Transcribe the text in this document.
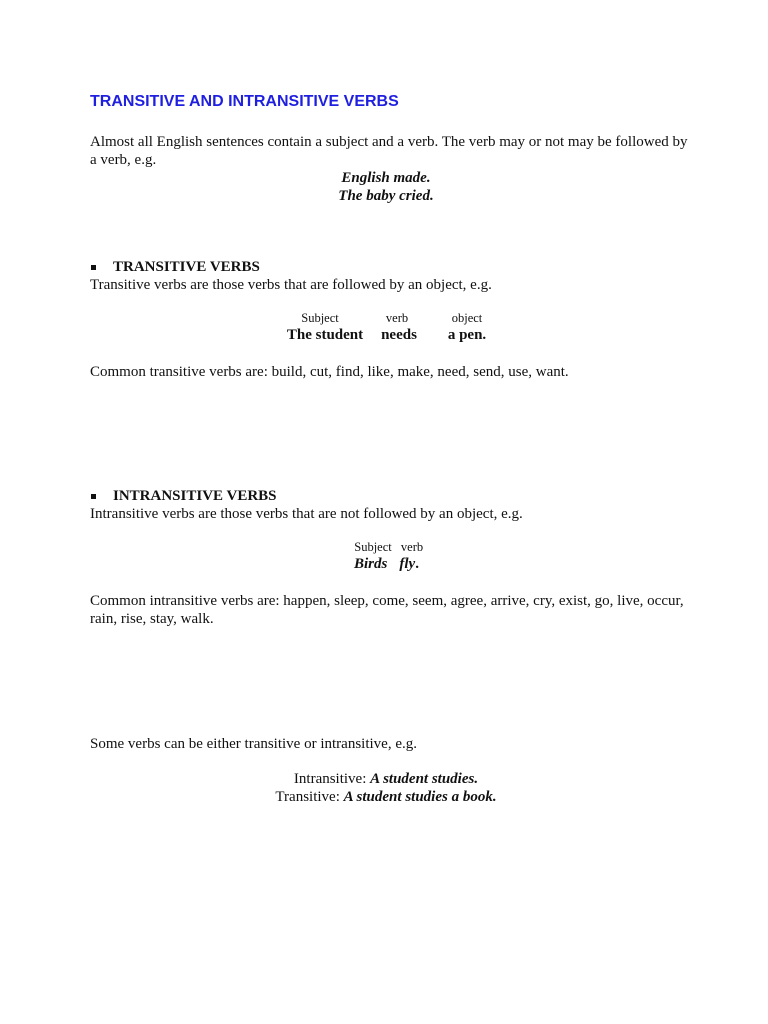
TRANSITIVE AND INTRANSITIVE VERBS
Almost all English sentences contain a subject and a verb. The verb may or not may be followed by a verb, e.g.
English made.
The baby cried.
TRANSITIVE VERBS
Transitive verbs are those verbs that are followed by an object, e.g.
Subject	verb	object
The student	needs	a pen.
Common transitive verbs are: build, cut, find, like, make, need, send, use, want.
INTRANSITIVE VERBS
Intransitive verbs are those verbs that are not followed by an object, e.g.
Subject verb
Birds fly.
Common intransitive verbs are: happen, sleep, come, seem, agree, arrive, cry, exist, go, live, occur, rain, rise, stay, walk.
Some verbs can be either transitive or intransitive, e.g.
Intransitive: A student studies.
Transitive: A student studies a book.
